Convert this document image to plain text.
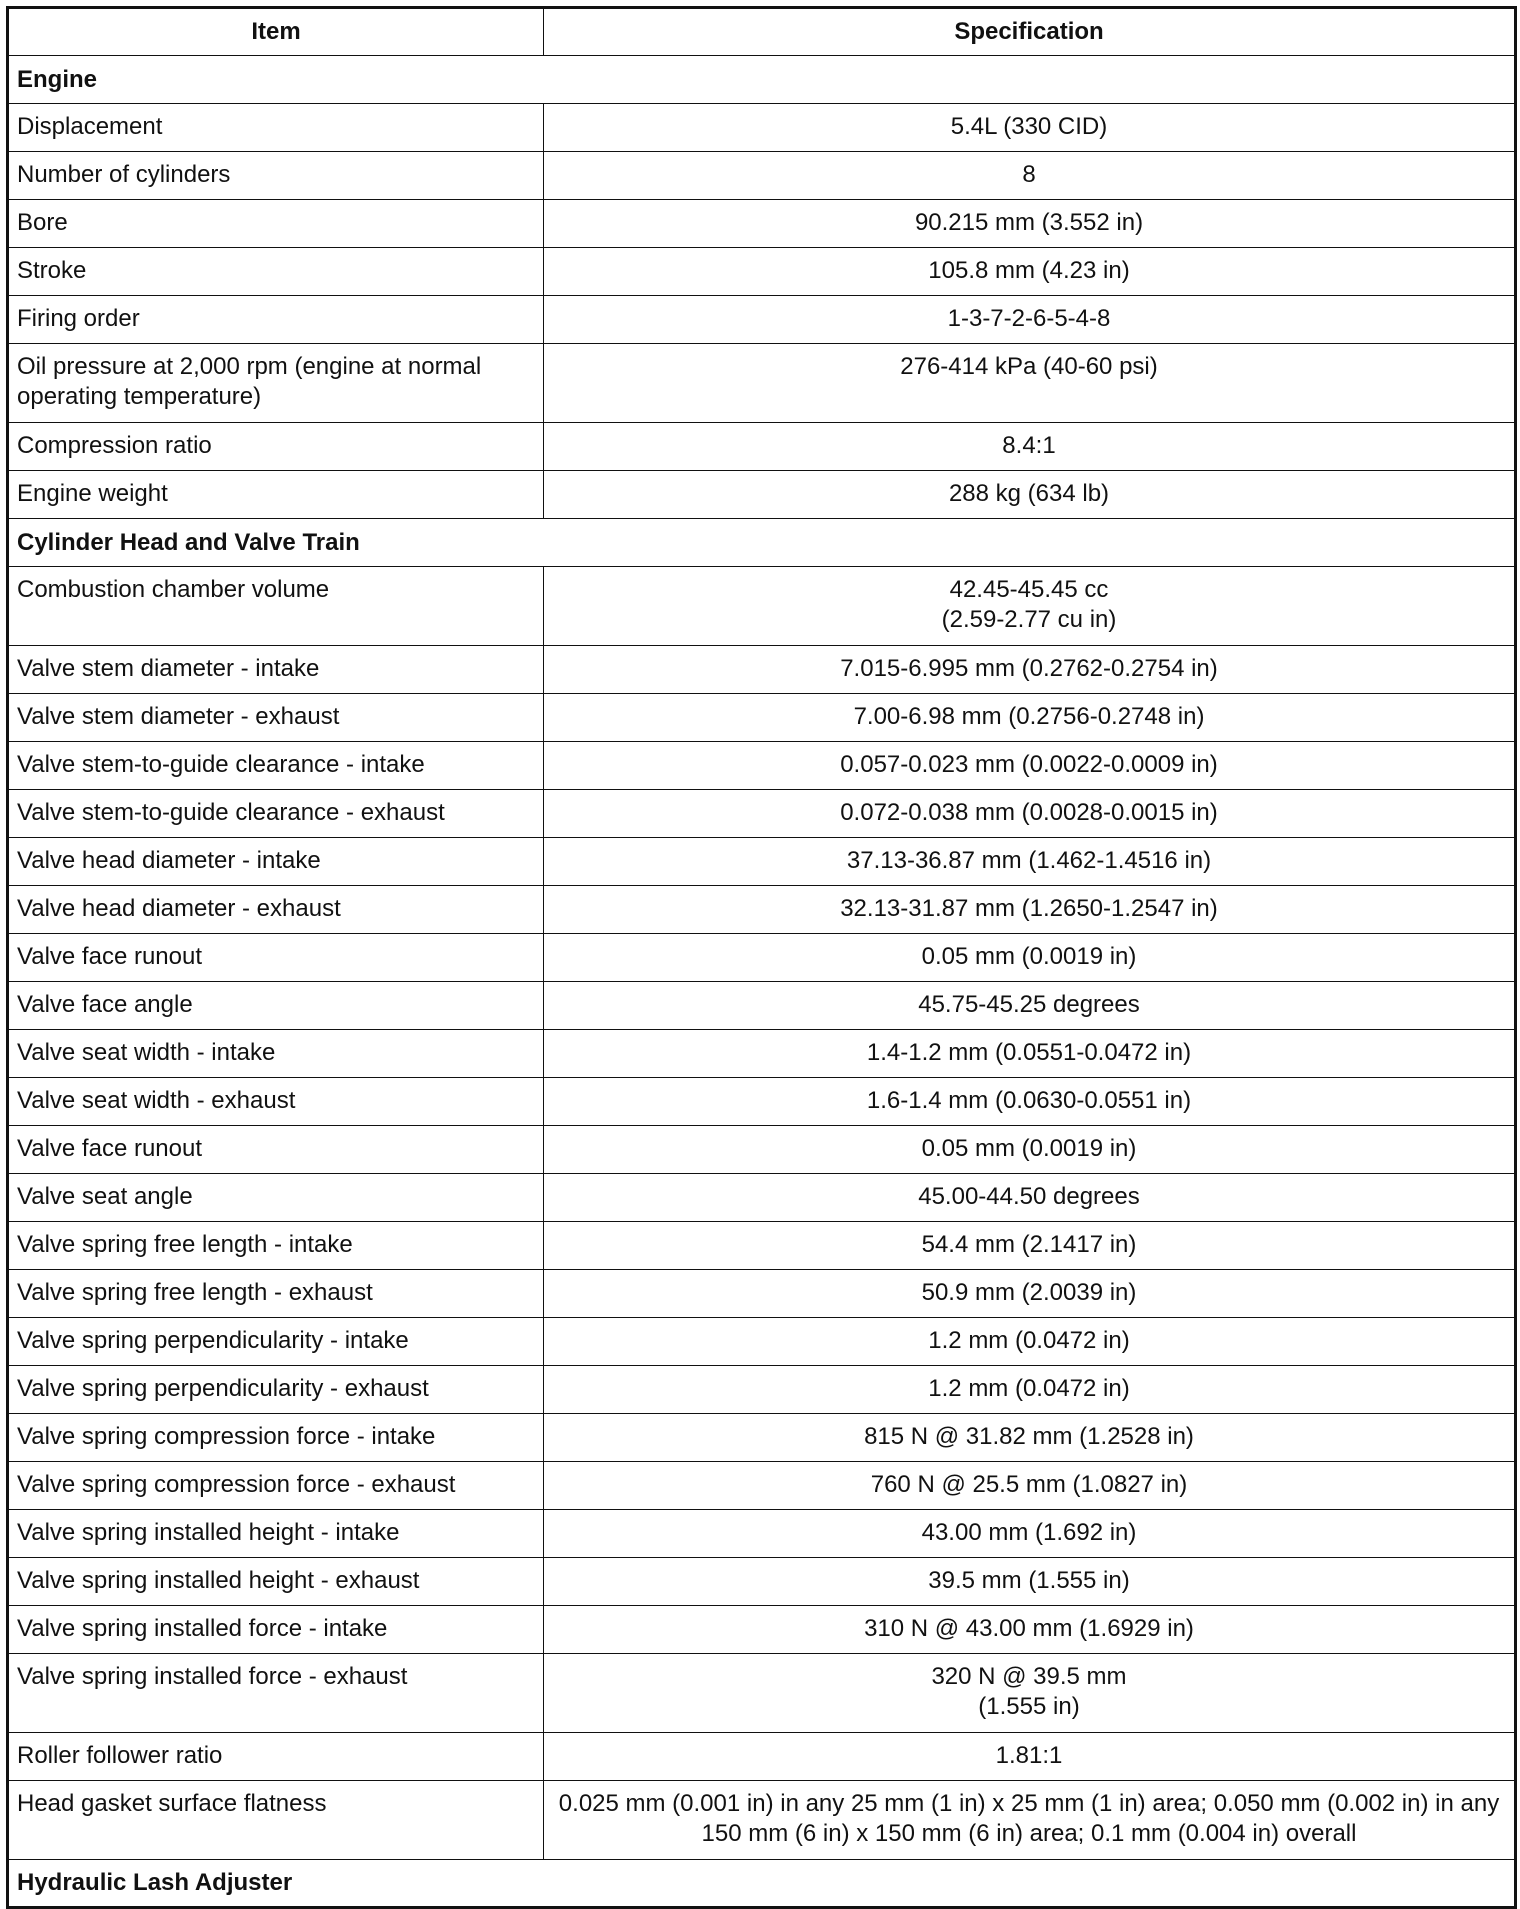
Item	Specification
Engine	
Displacement	5.4L (330 CID)
Number of cylinders	8
Bore	90.215 mm (3.552 in)
Stroke	105.8 mm (4.23 in)
Firing order	1-3-7-2-6-5-4-8
Oil pressure at 2,000 rpm (engine at normal operating temperature)	276-414 kPa (40-60 psi)
Compression ratio	8.4:1
Engine weight	288 kg (634 lb)
Cylinder Head and Valve Train	
Combustion chamber volume	42.45-45.45 cc
(2.59-2.77 cu in)
Valve stem diameter - intake	7.015-6.995 mm (0.2762-0.2754 in)
Valve stem diameter - exhaust	7.00-6.98 mm (0.2756-0.2748 in)
Valve stem-to-guide clearance - intake	0.057-0.023 mm (0.0022-0.0009 in)
Valve stem-to-guide clearance - exhaust	0.072-0.038 mm (0.0028-0.0015 in)
Valve head diameter - intake	37.13-36.87 mm (1.462-1.4516 in)
Valve head diameter - exhaust	32.13-31.87 mm (1.2650-1.2547 in)
Valve face runout	0.05 mm (0.0019 in)
Valve face angle	45.75-45.25 degrees
Valve seat width - intake	1.4-1.2 mm (0.0551-0.0472 in)
Valve seat width - exhaust	1.6-1.4 mm (0.0630-0.0551 in)
Valve face runout	0.05 mm (0.0019 in)
Valve seat angle	45.00-44.50 degrees
Valve spring free length - intake	54.4 mm (2.1417 in)
Valve spring free length - exhaust	50.9 mm (2.0039 in)
Valve spring perpendicularity - intake	1.2 mm (0.0472 in)
Valve spring perpendicularity - exhaust	1.2 mm (0.0472 in)
Valve spring compression force - intake	815 N @ 31.82 mm (1.2528 in)
Valve spring compression force - exhaust	760 N @ 25.5 mm (1.0827 in)
Valve spring installed height - intake	43.00 mm (1.692 in)
Valve spring installed height - exhaust	39.5 mm (1.555 in)
Valve spring installed force - intake	310 N @ 43.00 mm (1.6929 in)
Valve spring installed force - exhaust	320 N @ 39.5 mm
(1.555 in)
Roller follower ratio	1.81:1
Head gasket surface flatness	0.025 mm (0.001 in) in any 25 mm (1 in) x 25 mm (1 in) area; 0.050 mm (0.002 in) in any 150 mm (6 in) x 150 mm (6 in) area; 0.1 mm (0.004 in) overall
Hydraulic Lash Adjuster	
